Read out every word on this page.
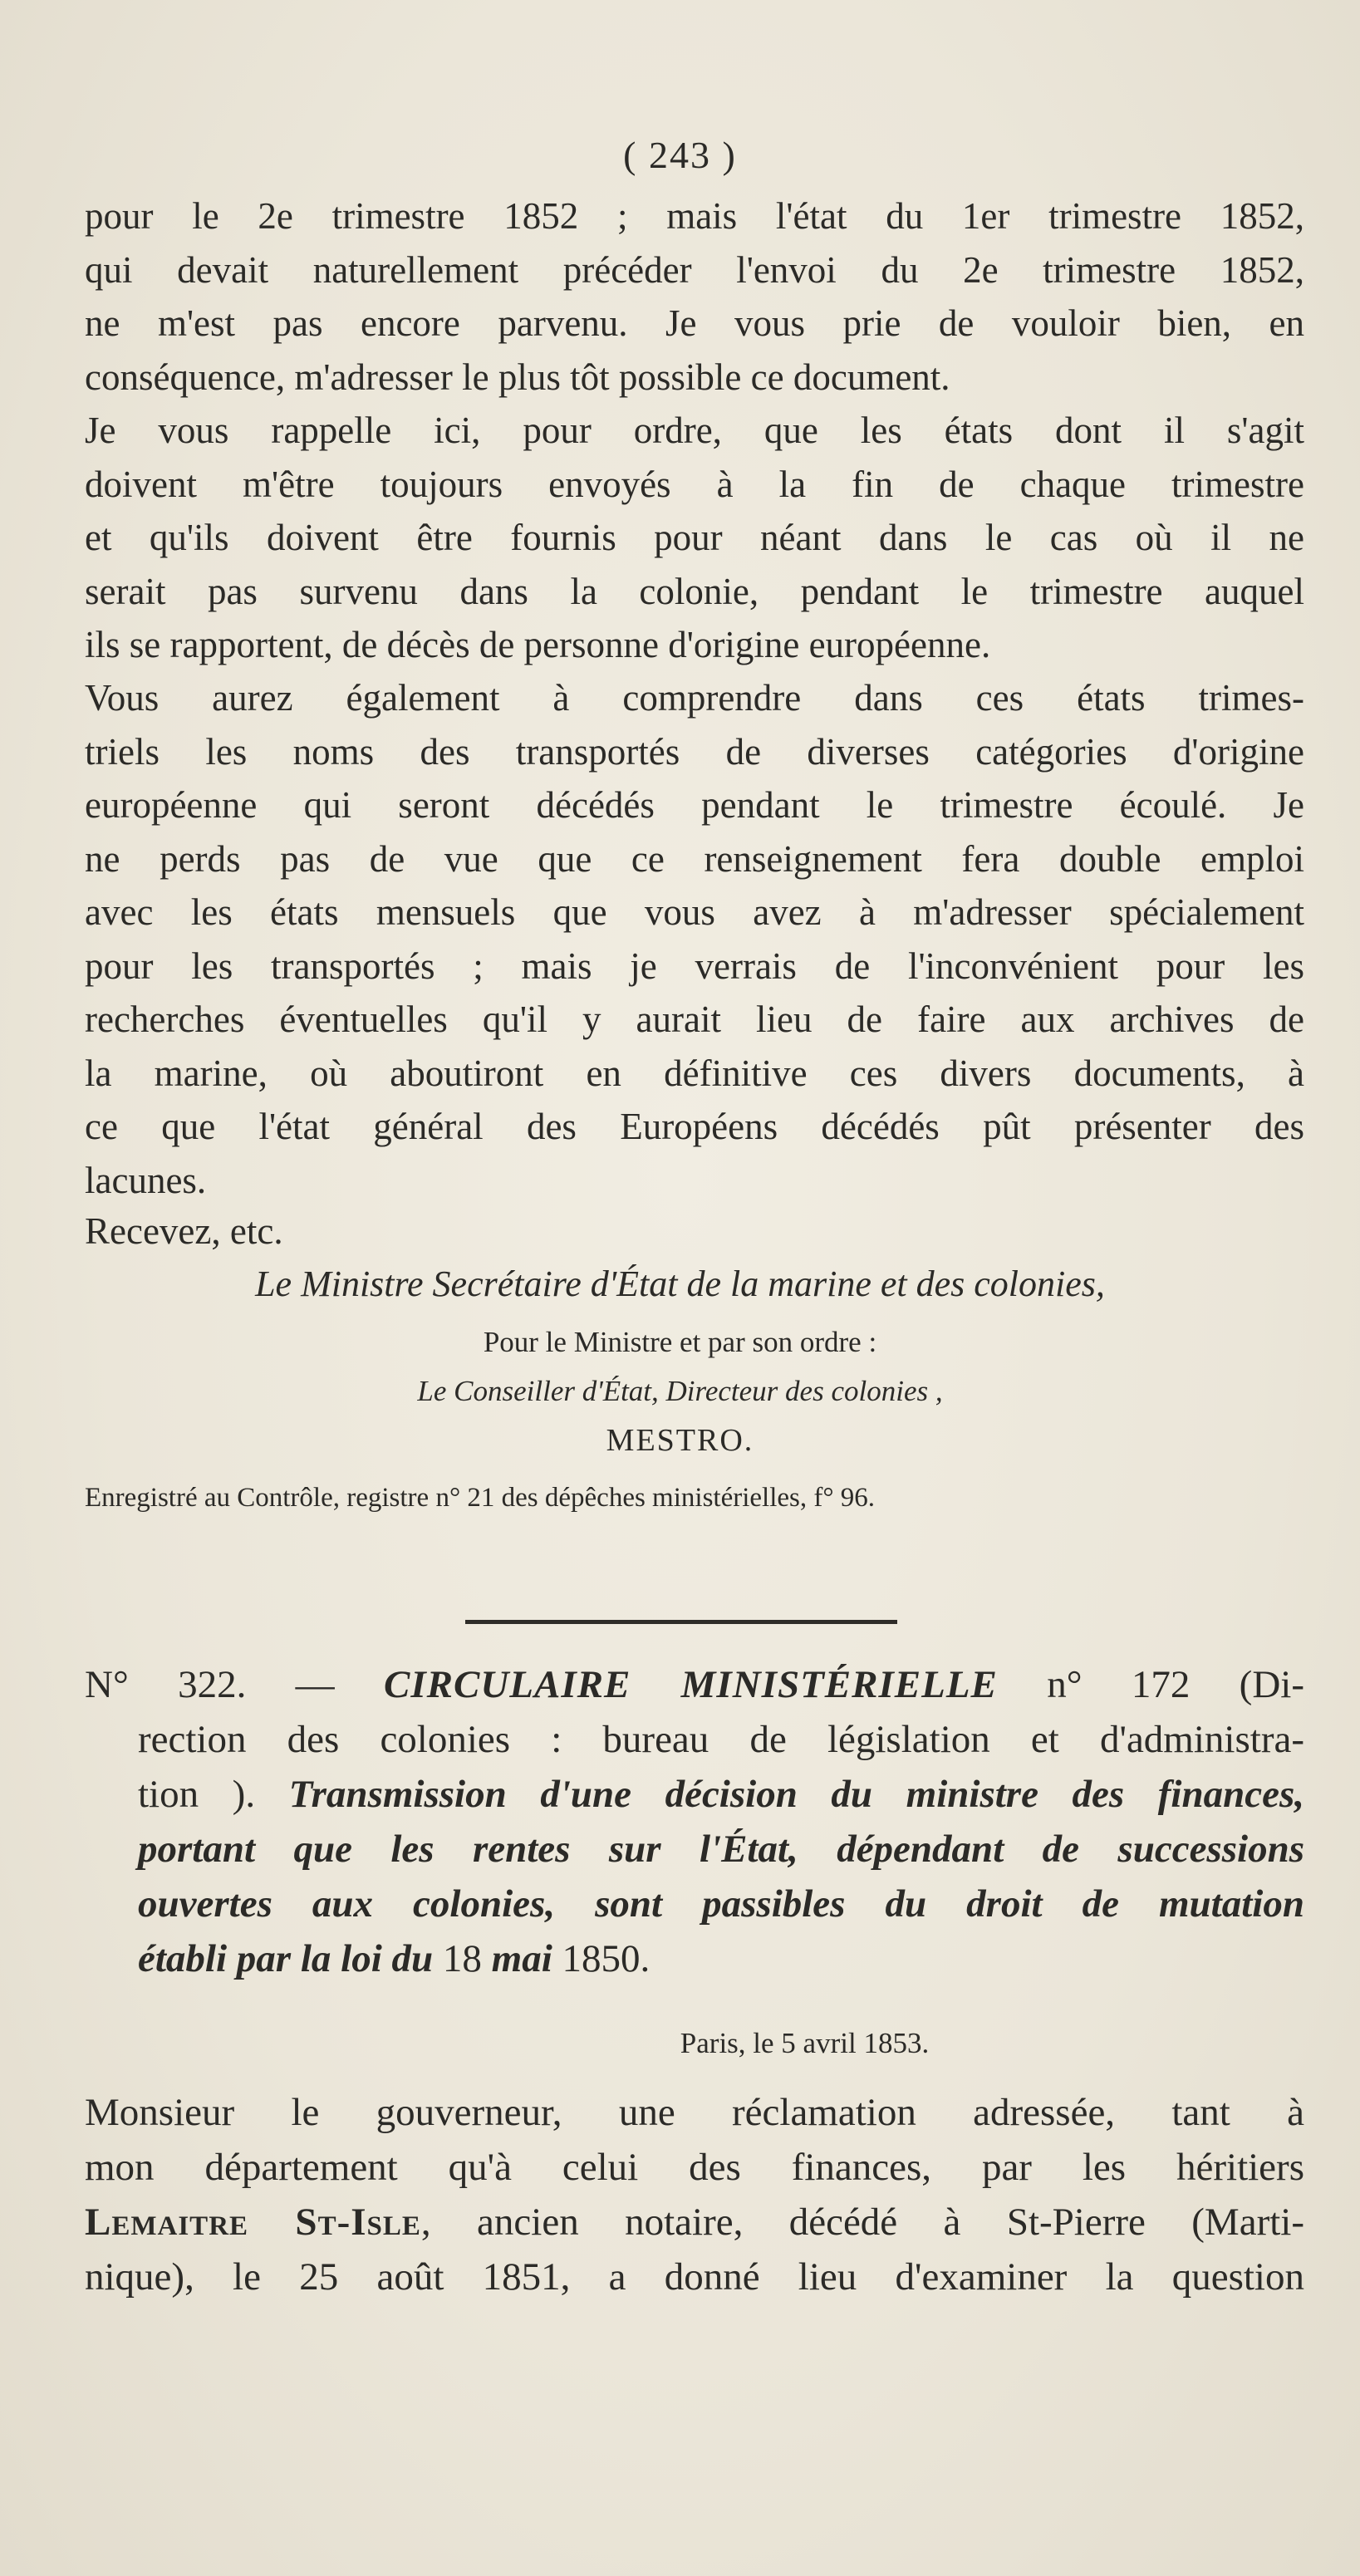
( 243 )

pour le 2e trimestre 1852 ; mais l'état du 1er trimestre 1852,
qui devait naturellement précéder l'envoi du 2e trimestre 1852,
ne m'est pas encore parvenu. Je vous prie de vouloir bien, en
conséquence, m'adresser le plus tôt possible ce document.

Je vous rappelle ici, pour ordre, que les états dont il s'agit
doivent m'être toujours envoyés à la fin de chaque trimestre
et qu'ils doivent être fournis pour néant dans le cas où il ne
serait pas survenu dans la colonie, pendant le trimestre auquel
ils se rapportent, de décès de personne d'origine européenne.

Vous aurez également à comprendre dans ces états trimes-
triels les noms des transportés de diverses catégories d'origine
européenne qui seront décédés pendant le trimestre écoulé. Je
ne perds pas de vue que ce renseignement fera double emploi
avec les états mensuels que vous avez à m'adresser spécialement
pour les transportés ; mais je verrais de l'inconvénient pour les
recherches éventuelles qu'il y aurait lieu de faire aux archives de
la marine, où aboutiront en définitive ces divers documents, à
ce que l'état général des Européens décédés pût présenter des
lacunes.

Recevez, etc.

Le Ministre Secrétaire d'État de la marine et des colonies,
Pour le Ministre et par son ordre :
Le Conseiller d'État, Directeur des colonies ,
MESTRO.
Enregistré au Contrôle, registre n° 21 des dépêches ministérielles, f° 96.
N° 322. — CIRCULAIRE MINISTÉRIELLE n° 172 (Di-
rection des colonies : bureau de législation et d'administra-
tion ). Transmission d'une décision du ministre des finances,
portant que les rentes sur l'État, dépendant de successions
ouvertes aux colonies, sont passibles du droit de mutation
établi par la loi du 18 mai 1850.
Paris, le 5 avril 1853.
Monsieur le gouverneur, une réclamation adressée, tant à
mon département qu'à celui des finances, par les héritiers
Lemaitre St-Isle, ancien notaire, décédé à St-Pierre (Marti-
nique), le 25 août 1851, a donné lieu d'examiner la question
